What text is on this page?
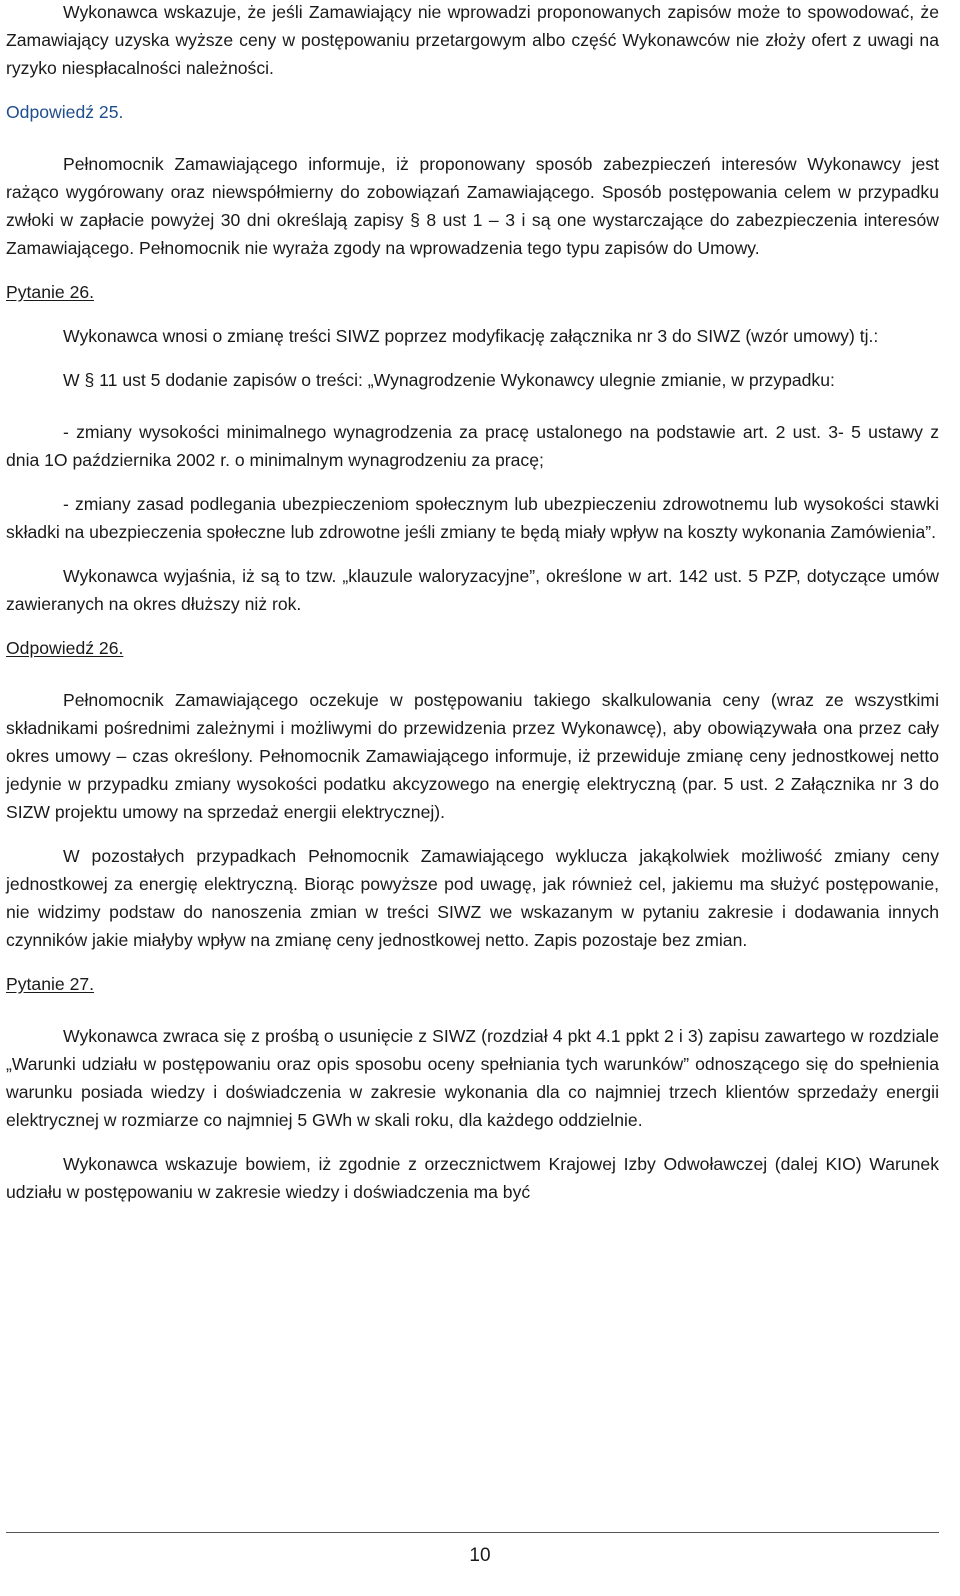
Wykonawca wskazuje, że jeśli Zamawiający nie wprowadzi proponowanych zapisów może to spowodować, że Zamawiający uzyska wyższe ceny w postępowaniu przetargowym albo część Wykonawców nie złoży ofert z uwagi na ryzyko niespłacalności należności.

Odpowiedź 25.

Pełnomocnik Zamawiającego informuje, iż proponowany sposób zabezpieczeń interesów Wykonawcy jest rażąco wygórowany oraz niewspółmierny do zobowiązań Zamawiającego. Sposób postępowania celem w przypadku zwłoki w zapłacie powyżej 30 dni określają zapisy § 8 ust 1 – 3 i są one wystarczające do zabezpieczenia interesów Zamawiającego. Pełnomocnik nie wyraża zgody na wprowadzenia tego typu zapisów do Umowy.

Pytanie 26.

Wykonawca wnosi o zmianę treści SIWZ poprzez modyfikację załącznika nr 3 do SIWZ (wzór umowy) tj.:

W § 11 ust 5 dodanie zapisów o treści: „Wynagrodzenie Wykonawcy ulegnie zmianie, w przypadku:

- zmiany wysokości minimalnego wynagrodzenia za pracę ustalonego na podstawie art. 2 ust. 3- 5 ustawy z dnia 1O października 2002 r. o minimalnym wynagrodzeniu za pracę;

- zmiany zasad podlegania ubezpieczeniom społecznym lub ubezpieczeniu zdrowotnemu lub wysokości stawki składki na ubezpieczenia społeczne lub zdrowotne jeśli zmiany te będą miały wpływ na koszty wykonania Zamówienia”.

Wykonawca wyjaśnia, iż są to tzw. „klauzule waloryzacyjne”, określone w art. 142 ust. 5 PZP, dotyczące umów zawieranych na okres dłuższy niż rok.

Odpowiedź 26.

Pełnomocnik Zamawiającego oczekuje w postępowaniu takiego skalkulowania ceny (wraz ze wszystkimi składnikami pośrednimi zależnymi i możliwymi do przewidzenia przez Wykonawcę), aby obowiązywała ona przez cały okres umowy – czas określony. Pełnomocnik Zamawiającego informuje, iż przewiduje zmianę ceny jednostkowej netto jedynie w przypadku zmiany wysokości podatku akcyzowego na energię elektryczną (par. 5 ust. 2 Załącznika nr 3 do SIZW projektu umowy na sprzedaż energii elektrycznej).

W pozostałych przypadkach Pełnomocnik Zamawiającego wyklucza jakąkolwiek możliwość zmiany ceny jednostkowej za energię elektryczną. Biorąc powyższe pod uwagę, jak również cel, jakiemu ma służyć postępowanie, nie widzimy podstaw do nanoszenia zmian w treści SIWZ we wskazanym w pytaniu zakresie i dodawania innych czynników jakie miałyby wpływ na zmianę ceny jednostkowej netto. Zapis pozostaje bez zmian.

Pytanie 27.

Wykonawca zwraca się z prośbą o usunięcie z SIWZ (rozdział 4 pkt 4.1 ppkt 2 i 3) zapisu zawartego w rozdziale „Warunki udziału w postępowaniu oraz opis sposobu oceny spełniania tych warunków” odnoszącego się do spełnienia warunku posiada wiedzy i doświadczenia w zakresie wykonania dla co najmniej trzech klientów sprzedaży energii elektrycznej w rozmiarze co najmniej 5 GWh w skali roku, dla każdego oddzielnie.

Wykonawca wskazuje bowiem, iż zgodnie z orzecznictwem Krajowej Izby Odwoławczej (dalej KIO) Warunek udziału w postępowaniu w zakresie wiedzy i doświadczenia ma być

10
